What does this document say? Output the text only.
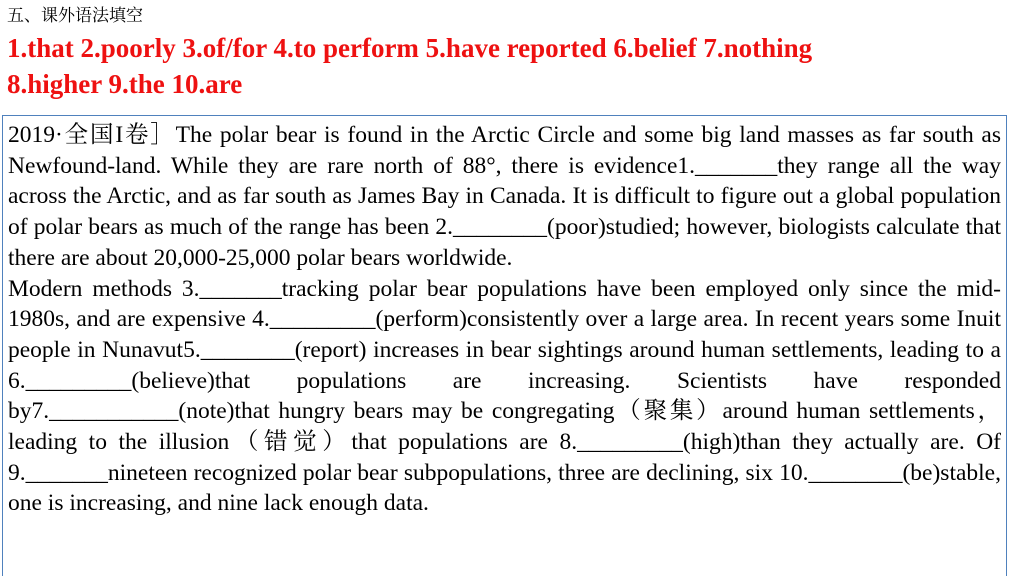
五、课外语法填空
1.that 2.poorly 3.of/for 4.to perform 5.have reported 6.belief 7.nothing
8.higher 9.the 10.are

2019·全国I卷］The polar bear is found in the Arctic Circle and some big land masses as far south as Newfound-land. While they are rare north of 88°, there is evidence1._______they range all the way across the Arctic, and as far south as James Bay in Canada. It is difficult to figure out a global population of polar bears as much of the range has been 2.________(poor)studied; however, biologists calculate that there are about 20,000-25,000 polar bears worldwide.

Modern methods 3._______tracking polar bear populations have been employed only since the mid-1980s, and are expensive 4._________(perform)consistently over a large area. In recent years some Inuit people in Nunavut5.________(report) increases in bear sightings around human settlements, leading to a 6._________(believe)that populations are increasing. Scientists have responded by7.___________(note)that hungry bears may be congregating（聚集）around human settlements，leading to the illusion（错觉）that populations are 8._________(high)than they actually are. Of 9._______nineteen recognized polar bear subpopulations, three are declining, six 10.________(be)stable, one is increasing, and nine lack enough data.
